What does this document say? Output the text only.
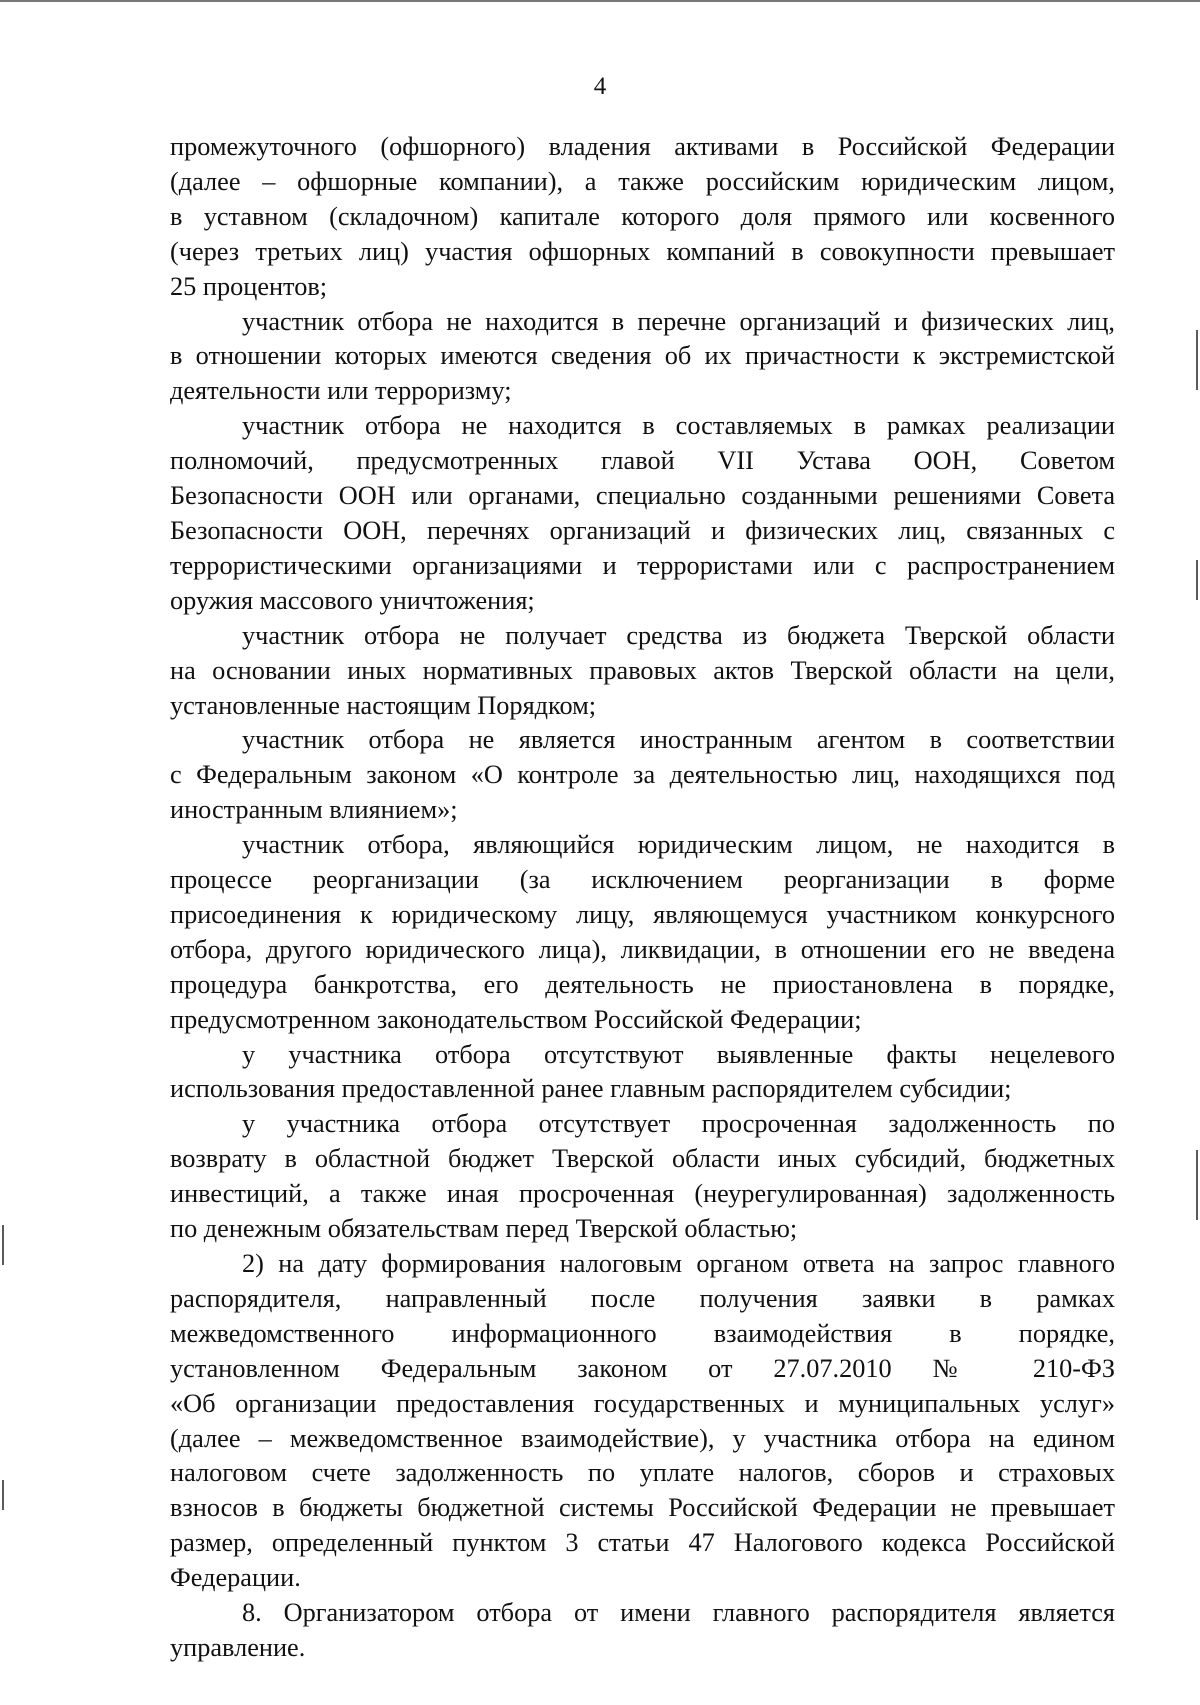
4
промежуточного (офшорного) владения активами в Российской Федерации
(далее – офшорные компании), а также российским юридическим лицом,
в уставном (складочном) капитале которого доля прямого или косвенного
(через третьих лиц) участия офшорных компаний в совокупности превышает
25 процентов;
участник отбора не находится в перечне организаций и физических лиц,
в отношении которых имеются сведения об их причастности к экстремистской
деятельности или терроризму;
участник отбора не находится в составляемых в рамках реализации
полномочий, предусмотренных главой VII Устава ООН, Советом
Безопасности ООН или органами, специально созданными решениями Совета
Безопасности ООН, перечнях организаций и физических лиц, связанных с
террористическими организациями и террористами или с распространением
оружия массового уничтожения;
участник отбора не получает средства из бюджета Тверской области
на основании иных нормативных правовых актов Тверской области на цели,
установленные настоящим Порядком;
участник отбора не является иностранным агентом в соответствии
с Федеральным законом «О контроле за деятельностью лиц, находящихся под
иностранным влиянием»;
участник отбора, являющийся юридическим лицом, не находится в
процессе реорганизации (за исключением реорганизации в форме
присоединения к юридическому лицу, являющемуся участником конкурсного
отбора, другого юридического лица), ликвидации, в отношении его не введена
процедура банкротства, его деятельность не приостановлена в порядке,
предусмотренном законодательством Российской Федерации;
у участника отбора отсутствуют выявленные факты нецелевого
использования предоставленной ранее главным распорядителем субсидии;
у участника отбора отсутствует просроченная задолженность по
возврату в областной бюджет Тверской области иных субсидий, бюджетных
инвестиций, а также иная просроченная (неурегулированная) задолженность
по денежным обязательствам перед Тверской областью;
2) на дату формирования налоговым органом ответа на запрос главного
распорядителя, направленный после получения заявки в рамках
межведомственного информационного взаимодействия в порядке,
установленном Федеральным законом от 27.07.2010 № 210-ФЗ
«Об организации предоставления государственных и муниципальных услуг»
(далее – межведомственное взаимодействие), у участника отбора на едином
налоговом счете задолженность по уплате налогов, сборов и страховых
взносов в бюджеты бюджетной системы Российской Федерации не превышает
размер, определенный пунктом 3 статьи 47 Налогового кодекса Российской
Федерации.
8. Организатором отбора от имени главного распорядителя является
управление.
